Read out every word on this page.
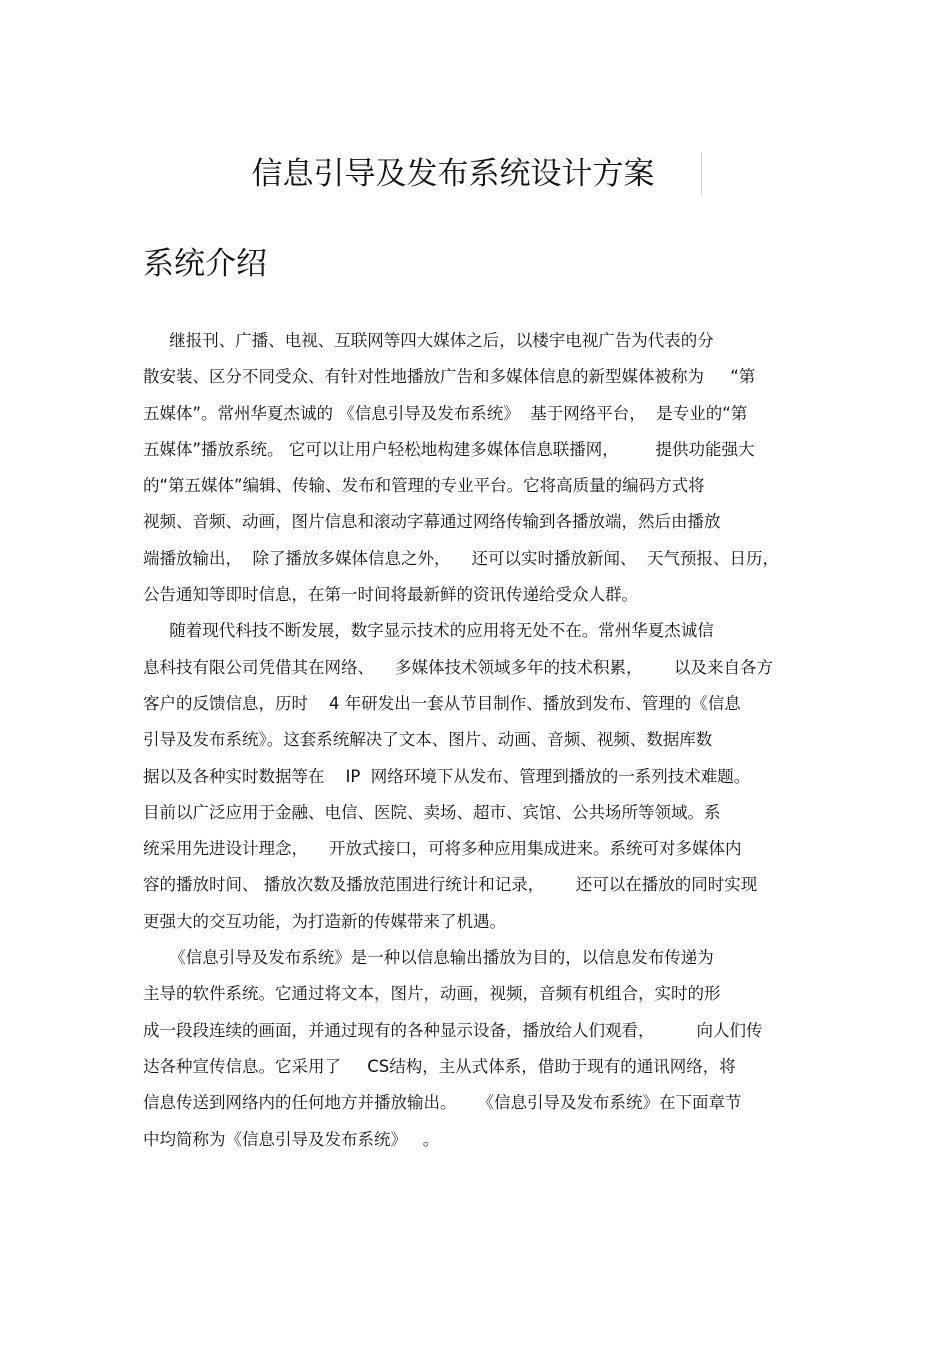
信息引导及发布系统设计方案
系统介绍
继报刊、广播、电视、互联网等四大媒体之后，以楼宇电视广告为代表的分
散安装、区分不同受众、有针对性地播放广告和多媒体信息的新型媒体被称为     “第
五媒体”。常州华夏杰诚的 《信息引导及发布系统》  基于网络平台，  是专业的“第
五媒体”播放系统。 它可以让用户轻松地构建多媒体信息联播网，       提供功能强大
的“第五媒体”编辑、传输、发布和管理的专业平台。它将高质量的编码方式将
视频、音频、动画，图片信息和滚动字幕通过网络传输到各播放端，然后由播放
端播放输出，  除了播放多媒体信息之外，    还可以实时播放新闻、  天气预报、日历，
公告通知等即时信息，在第一时间将最新鲜的资讯传递给受众人群。
随着现代科技不断发展，数字显示技术的应用将无处不在。常州华夏杰诚信
息科技有限公司凭借其在网络、    多媒体技术领域多年的技术积累，      以及来自各方
客户的反馈信息，历时    4 年研发出一套从节目制作、播放到发布、管理的《信息
引导及发布系统》。这套系统解决了文本、图片、动画、音频、视频、数据库数
据以及各种实时数据等在    IP  网络环境下从发布、管理到播放的一系列技术难题。
目前以广泛应用于金融、电信、医院、卖场、超市、宾馆、公共场所等领域。系
统采用先进设计理念，    开放式接口，可将多种应用集成进来。系统可对多媒体内
容的播放时间、 播放次数及播放范围进行统计和记录，      还可以在播放的同时实现
更强大的交互功能，为打造新的传媒带来了机遇。
《信息引导及发布系统》是一种以信息输出播放为目的，以信息发布传递为
主导的软件系统。它通过将文本，图片，动画，视频，音频有机组合，实时的形
成一段段连续的画面，并通过现有的各种显示设备，播放给人们观看，        向人们传
达各种宣传信息。它采用了     CS结构，主从式体系，借助于现有的通讯网络，将
信息传送到网络内的任何地方并播放输出。    《信息引导及发布系统》在下面章节
中均简称为《信息引导及发布系统》   。
